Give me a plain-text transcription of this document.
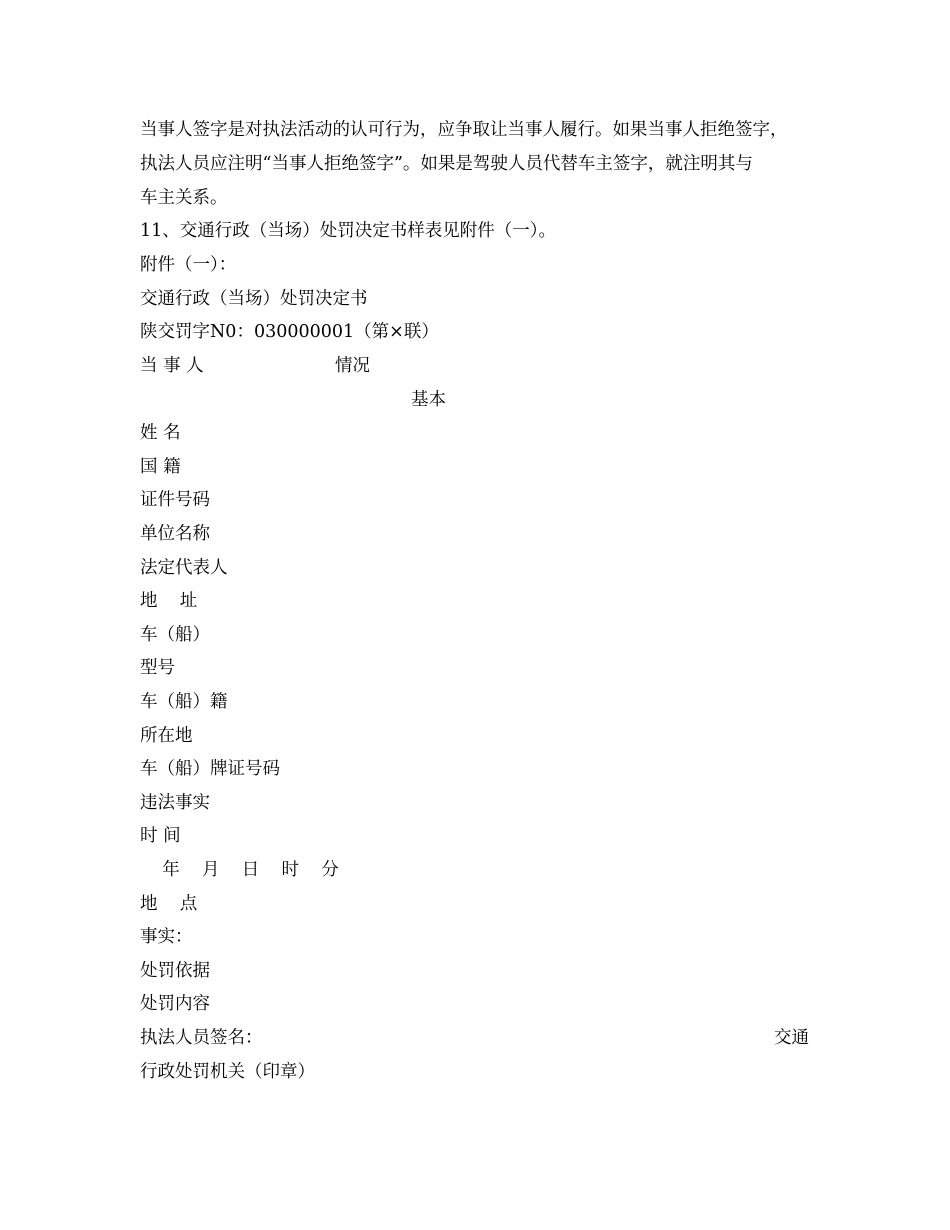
当事人签字是对执法活动的认可行为，应争取让当事人履行。如果当事人拒绝签字，
执法人员应注明“当事人拒绝签字”。如果是驾驶人员代替车主签字，就注明其与
车主关系。
11、交通行政（当场）处罚决定书样表见附件（一）。
附件（一）：
交通行政（当场）处罚决定书
陕交罚字N0：030000001（第×联）
当 事 人	情况
基本
姓 名
国 籍
证件号码
单位名称
法定代表人
地    址
车（船）
型号
车（船）籍
所在地
车（船）牌证号码
违法事实
时 间
年    月    日    时    分
地    点
事实：
处罚依据
处罚内容
执法人员签名：	交通
行政处罚机关（印章）
